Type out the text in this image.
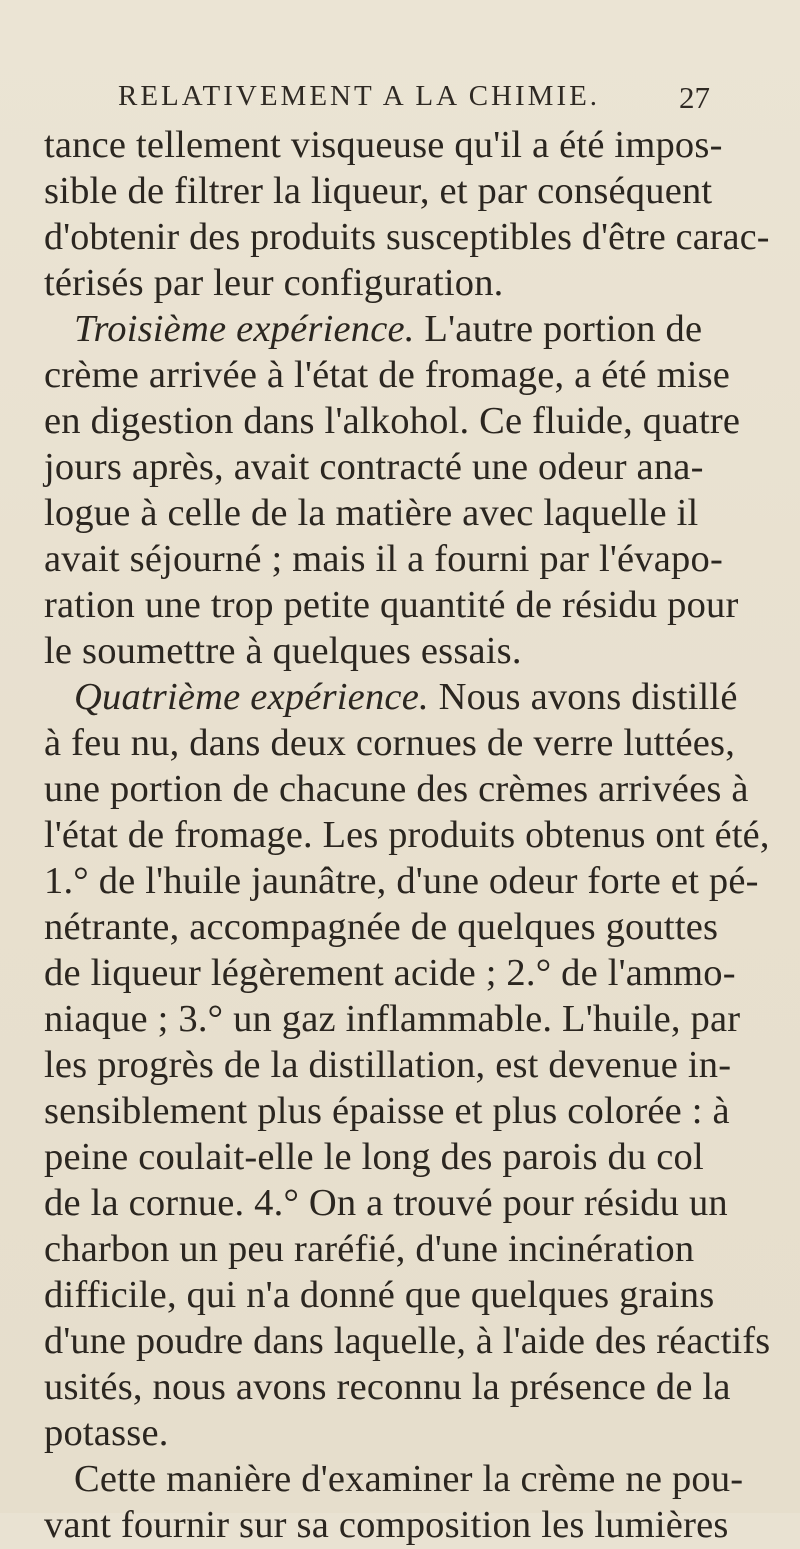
RELATIVEMENT A LA CHIMIE.	27
tance tellement visqueuse qu'il a été impos-
sible de filtrer la liqueur, et par conséquent
d'obtenir des produits susceptibles d'être carac-
térisés par leur configuration.
Troisième expérience. L'autre portion de
crème arrivée à l'état de fromage, a été mise
en digestion dans l'alkohol. Ce fluide, quatre
jours après, avait contracté une odeur ana-
logue à celle de la matière avec laquelle il
avait séjourné ; mais il a fourni par l'évapo-
ration une trop petite quantité de résidu pour
le soumettre à quelques essais.
Quatrième expérience. Nous avons distillé
à feu nu, dans deux cornues de verre luttées,
une portion de chacune des crèmes arrivées à
l'état de fromage. Les produits obtenus ont été,
1.° de l'huile jaunâtre, d'une odeur forte et pé-
nétrante, accompagnée de quelques gouttes
de liqueur légèrement acide ; 2.° de l'ammo-
niaque ; 3.° un gaz inflammable. L'huile, par
les progrès de la distillation, est devenue in-
sensiblement plus épaisse et plus colorée : à
peine coulait-elle le long des parois du col
de la cornue. 4.° On a trouvé pour résidu un
charbon un peu raréfié, d'une incinération
difficile, qui n'a donné que quelques grains
d'une poudre dans laquelle, à l'aide des réactifs
usités, nous avons reconnu la présence de la
potasse.
Cette manière d'examiner la crème ne pou-
vant fournir sur sa composition les lumières
